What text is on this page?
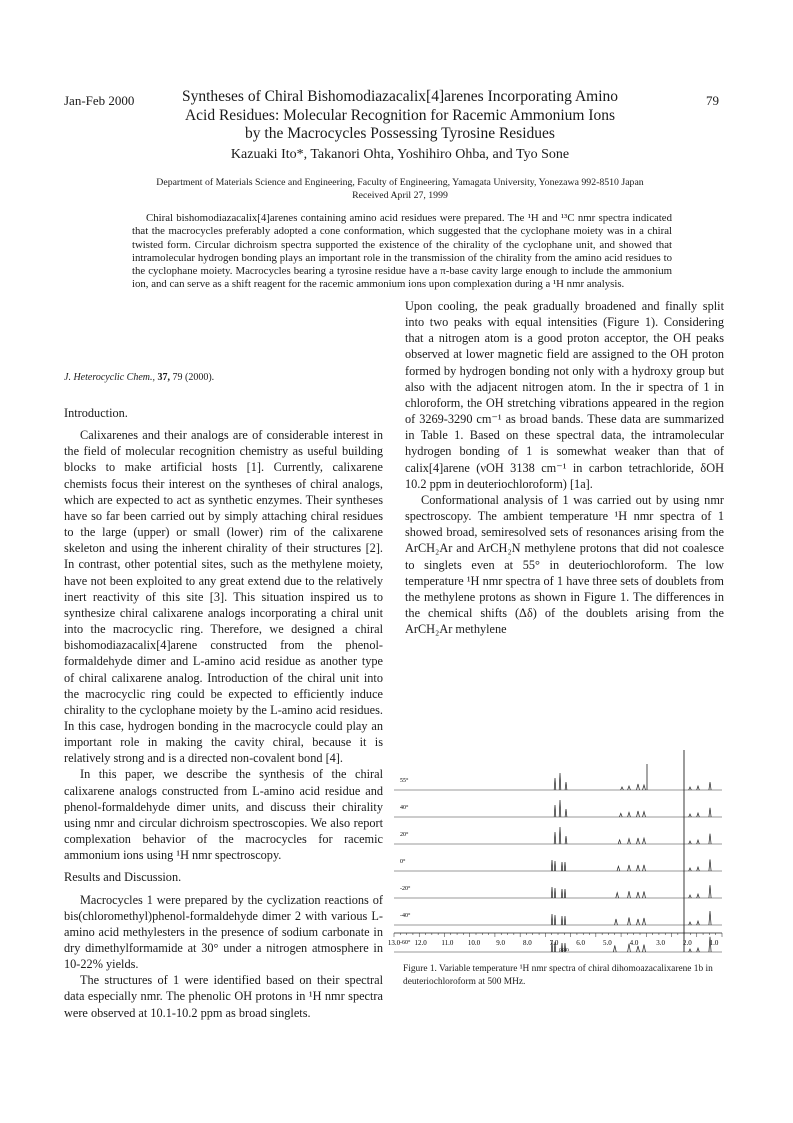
Jan-Feb 2000	79
Syntheses of Chiral Bishomodiazacalix[4]arenes Incorporating Amino
Acid Residues: Molecular Recognition for Racemic Ammonium Ions
by the Macrocycles Possessing Tyrosine Residues
Kazuaki Ito*, Takanori Ohta, Yoshihiro Ohba, and Tyo Sone
Department of Materials Science and Engineering, Faculty of Engineering, Yamagata University, Yonezawa 992-8510 Japan
Received April 27, 1999
Chiral bishomodiazacalix[4]arenes containing amino acid residues were prepared. The ¹H and ¹³C nmr spectra indicated that the macrocycles preferably adopted a cone conformation, which suggested that the cyclophane moiety was in a chiral twisted form. Circular dichroism spectra supported the existence of the chirality of the cyclophane unit, and showed that intramolecular hydrogen bonding plays an important role in the transmission of the chirality from the amino acid residues to the cyclophane moiety. Macrocycles bearing a tyrosine residue have a π-base cavity large enough to include the ammonium ion, and can serve as a shift reagent for the racemic ammonium ions upon complexation during a ¹H nmr analysis.
J. Heterocyclic Chem., 37, 79 (2000).
Introduction.

Calixarenes and their analogs are of considerable interest in the field of molecular recognition chemistry as useful building blocks to make artificial hosts [1]. Currently, calixarene chemists focus their interest on the syntheses of chiral analogs, which are expected to act as synthetic enzymes. Their syntheses have so far been carried out by simply attaching chiral residues to the large (upper) or small (lower) rim of the calixarene skeleton and using the inherent chirality of their structures [2]. In contrast, other potential sites, such as the methylene moiety, have not been exploited to any great extend due to the relatively inert reactivity of this site [3]. This situation inspired us to synthesize chiral calixarene analogs incorporating a chiral unit into the macrocyclic ring. Therefore, we designed a chiral bishomodiazacalix[4]arene constructed from the phenol-formaldehyde dimer and L-amino acid residue as another type of chiral calixarene analog. Introduction of the chiral unit into the macrocyclic ring could be expected to efficiently induce chirality to the cyclophane moiety by the L-amino acid residues. In this case, hydrogen bonding in the macrocycle could play an important role in making the cavity chiral, because it is relatively strong and is a directed non-covalent bond [4].

In this paper, we describe the synthesis of the chiral calixarene analogs constructed from L-amino acid residue and phenol-formaldehyde dimer units, and discuss their chirality using nmr and circular dichroism spectroscopies. We also report complexation behavior of the macrocycles for racemic ammonium ions using ¹H nmr spectroscopy.

Results and Discussion.

Macrocycles 1 were prepared by the cyclization reactions of bis(chloromethyl)phenol-formaldehyde dimer 2 with various L-amino acid methylesters in the presence of sodium carbonate in dry dimethylformamide at 30° under a nitrogen atmosphere in 10-22% yields.

The structures of 1 were identified based on their spectral data especially nmr. The phenolic OH protons in ¹H nmr spectra were observed at 10.1-10.2 ppm as broad singlets.

Upon cooling, the peak gradually broadened and finally split into two peaks with equal intensities (Figure 1). Considering that a nitrogen atom is a good proton acceptor, the OH peaks observed at lower magnetic field are assigned to the OH proton formed by hydrogen bonding not only with a hydroxy group but also with the adjacent nitrogen atom. In the ir spectra of 1 in chloroform, the OH stretching vibrations appeared in the region of 3269-3290 cm⁻¹ as broad bands. These data are summarized in Table 1. Based on these spectral data, the intramolecular hydrogen bonding of 1 is somewhat weaker than that of calix[4]arene (νOH 3138 cm⁻¹ in carbon tetrachloride, δOH 10.2 ppm in deuteriochloroform) [1a].

Conformational analysis of 1 was carried out by using nmr spectroscopy. The ambient temperature ¹H nmr spectra of 1 showed broad, semiresolved sets of resonances arising from the ArCH₂Ar and ArCH₂N methylene protons that did not coalesce to singlets even at 55° in deuteriochloroform. The low temperature ¹H nmr spectra of 1 have three sets of doublets from the methylene protons as shown in Figure 1. The differences in the chemical shifts (Δδ) of the doublets arising from the ArCH₂Ar methylene

55°
40°
20°
0°
-20°
-40°
-60°
13.0 12.0 11.0 10.0 9.0	8.0	7.0	6.0	5.0	4.0	3.0	2.0	1.0
ppm
Figure 1. Variable temperature ¹H nmr spectra of chiral dihomoazacalixarene 1b in deuteriochloroform at 500 MHz.
